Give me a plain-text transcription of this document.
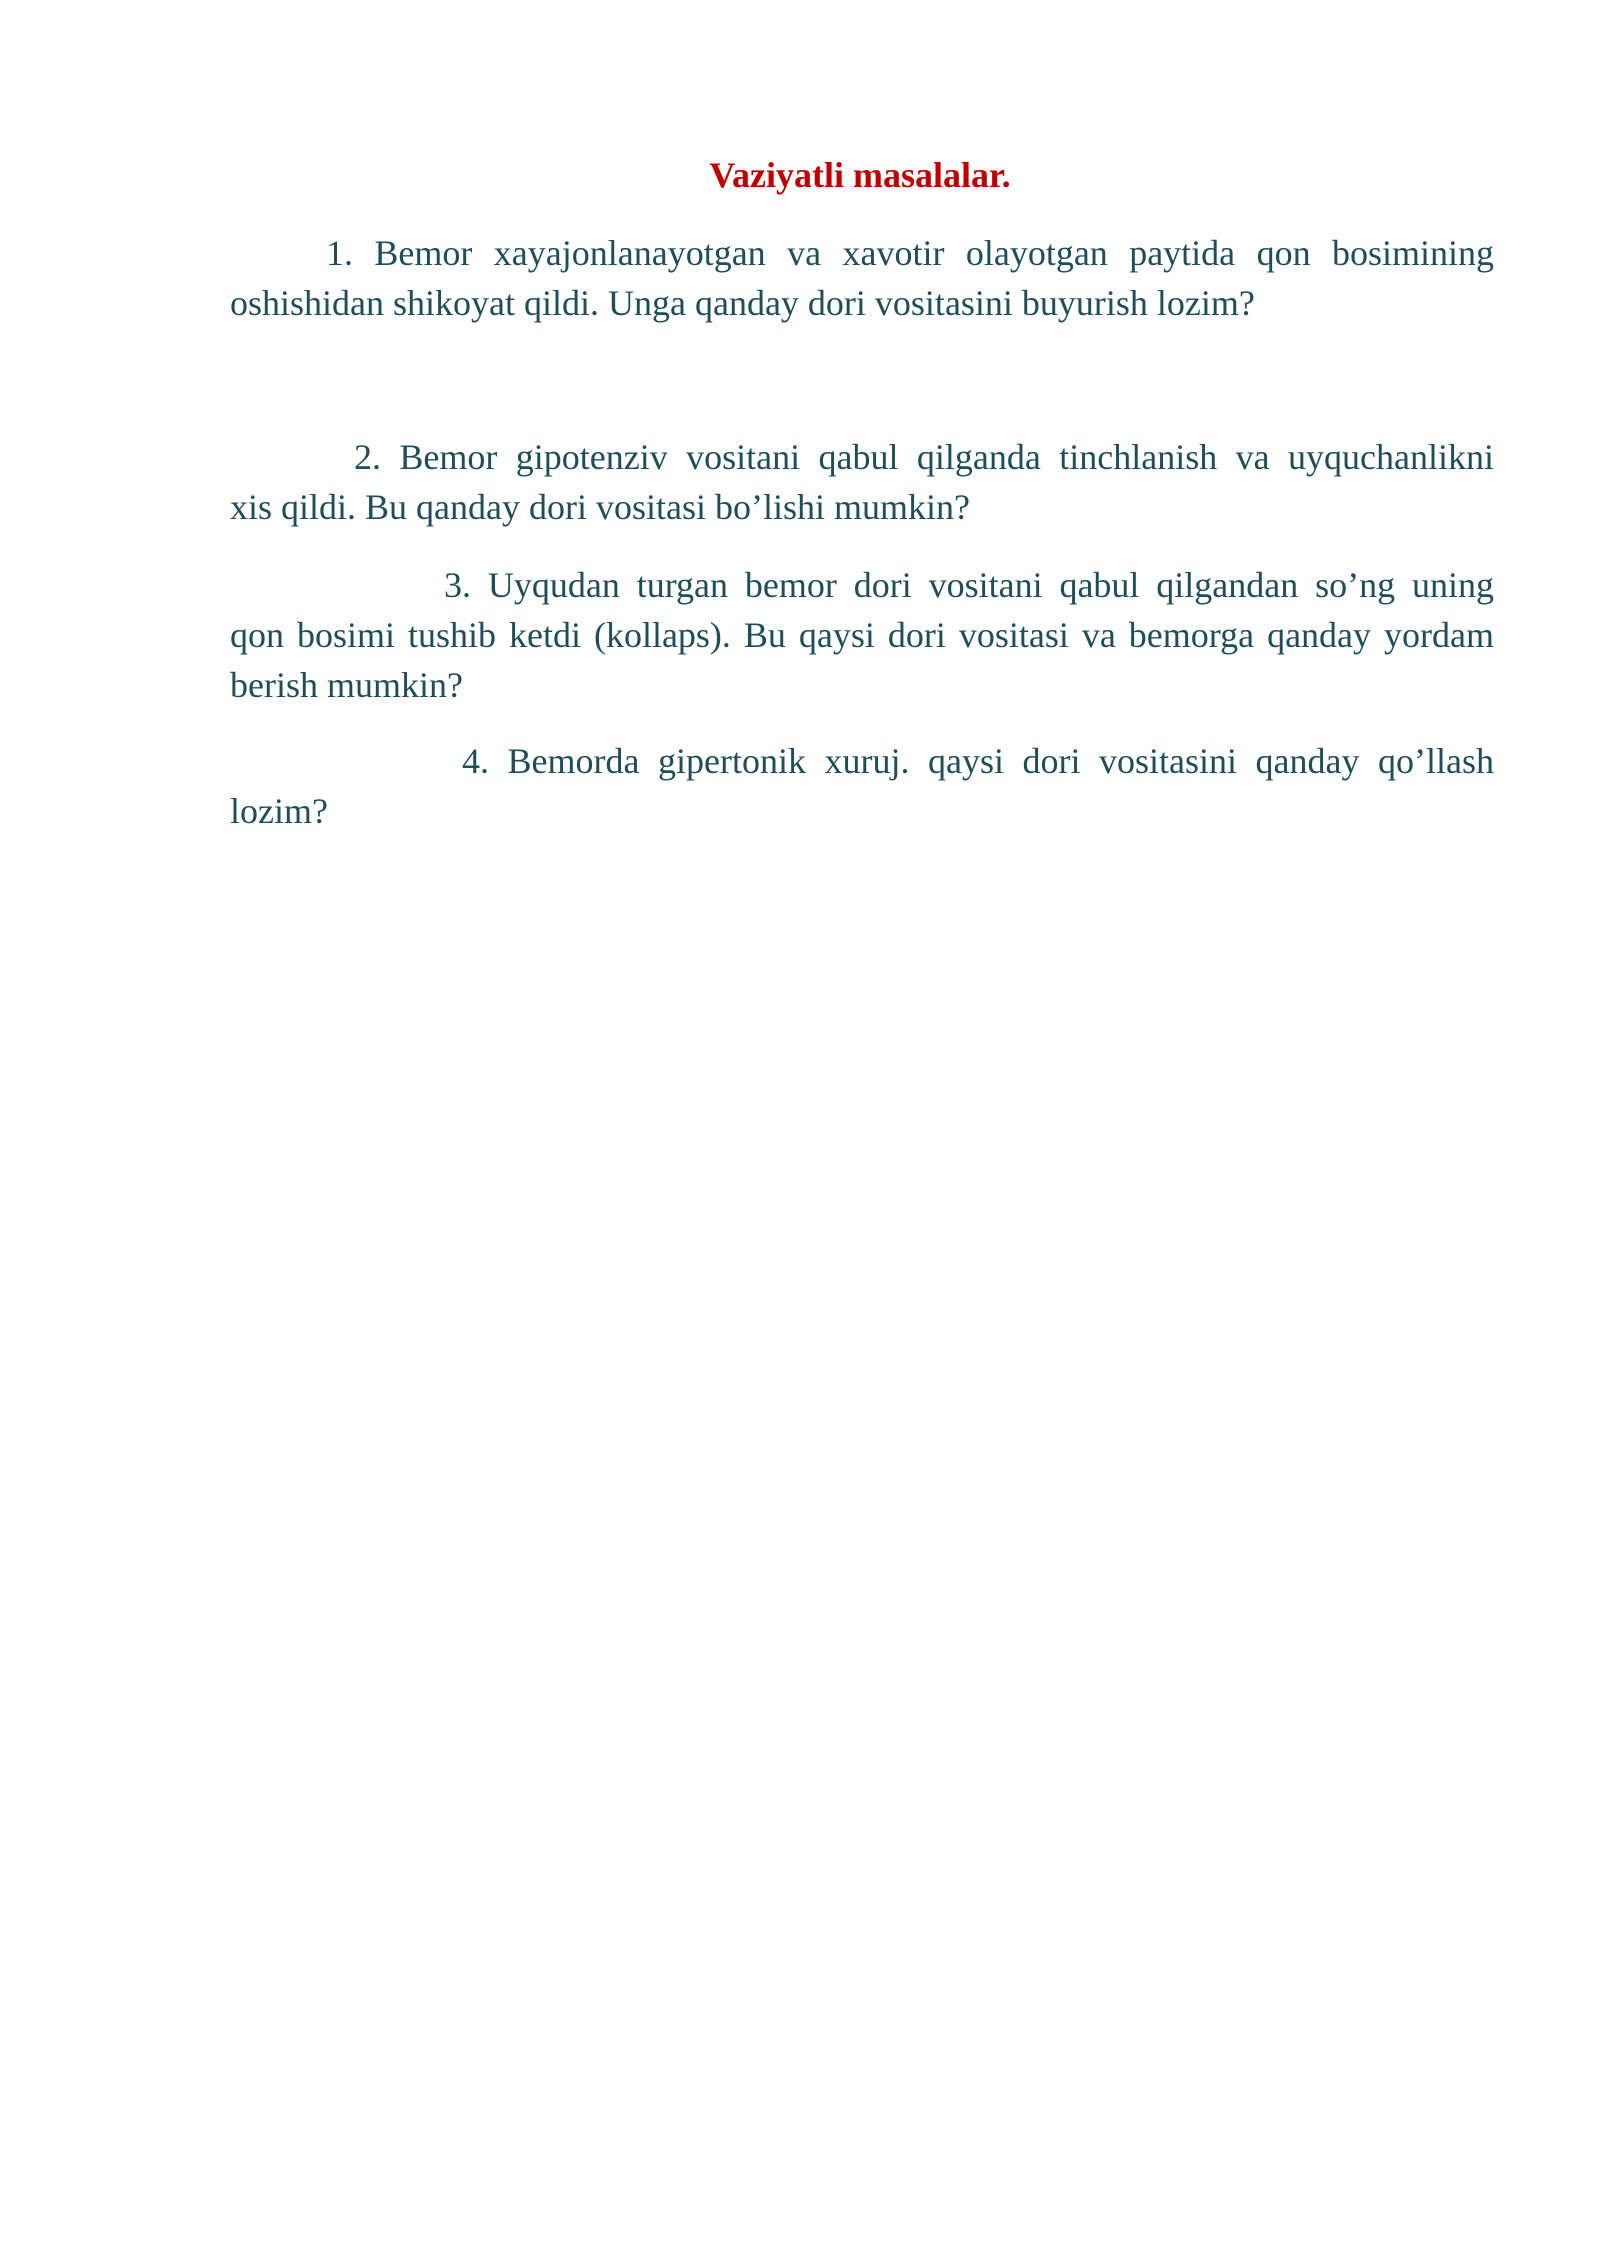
Vaziyatli masalalar.

1. Bemor xayajonlanayotgan va xavotir olayotgan paytida qon bosimining
oshishidan shikoyat qildi. Unga qanday dori vositasini buyurish lozim?

2. Bemor gipotenziv vositani qabul qilganda tinchlanish va uyquchanlikni
xis qildi. Bu qanday dori vositasi bo’lishi mumkin?

3. Uyqudan turgan bemor dori vositani qabul qilgandan so’ng uning
qon bosimi tushib ketdi (kollaps). Bu qaysi dori vositasi va bemorga qanday yordam
berish mumkin?

4. Bemorda gipertonik xuruj. qaysi dori vositasini qanday qo’llash
lozim?
